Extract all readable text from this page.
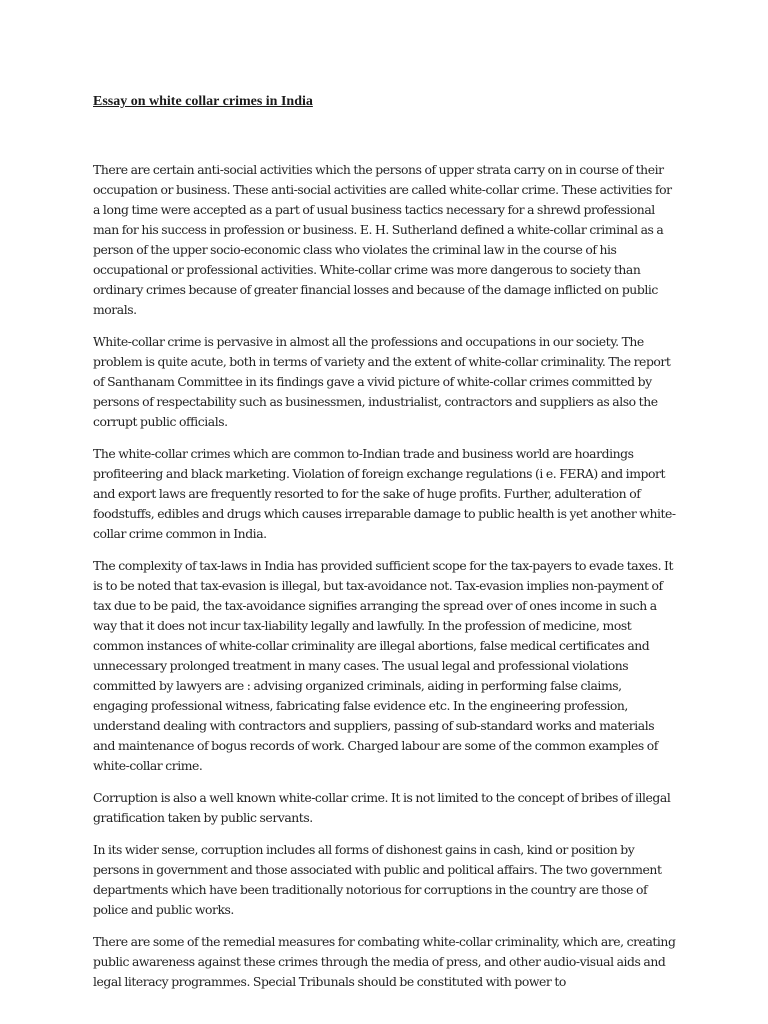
Essay on white collar crimes in India

There are certain anti-social activities which the persons of upper strata carry on in course of their occupation or business. These anti-social activities are called white-collar crime. These activities for a long time were accepted as a part of usual business tactics necessary for a shrewd professional man for his success in profession or business. E. H. Sutherland defined a white-collar criminal as a person of the upper socio-economic class who violates the criminal law in the course of his occupational or professional activities. White-collar crime was more dangerous to society than ordinary crimes because of greater financial losses and because of the damage inflicted on public morals.

White-collar crime is pervasive in almost all the professions and occupations in our society. The problem is quite acute, both in terms of variety and the extent of white-collar criminality. The report of Santhanam Committee in its findings gave a vivid picture of white-collar crimes committed by persons of respectability such as businessmen, industrialist, contractors and suppliers as also the corrupt public officials.

The white-collar crimes which are common to-Indian trade and business world are hoardings profiteering and black marketing. Violation of foreign exchange regulations (i e. FERA) and import and export laws are frequently resorted to for the sake of huge profits. Further, adulteration of foodstuffs, edibles and drugs which causes irreparable damage to public health is yet another white-collar crime common in India.

The complexity of tax-laws in India has provided sufficient scope for the tax-payers to evade taxes. It is to be noted that tax-evasion is illegal, but tax-avoidance not. Tax-evasion implies non-payment of tax due to be paid, the tax-avoidance signifies arranging the spread over of ones income in such a way that it does not incur tax-liability legally and lawfully. In the profession of medicine, most common instances of white-collar criminality are illegal abortions, false medical certificates and unnecessary prolonged treatment in many cases. The usual legal and professional violations committed by lawyers are : advising organized criminals, aiding in performing false claims, engaging professional witness, fabricating false evidence etc. In the engineering profession, understand dealing with contractors and suppliers, passing of sub-standard works and materials and maintenance of bogus records of work. Charged labour are some of the common examples of white-collar crime.

Corruption is also a well known white-collar crime. It is not limited to the concept of bribes of illegal gratification taken by public servants.

In its wider sense, corruption includes all forms of dishonest gains in cash, kind or position by persons in government and those associated with public and political affairs. The two government departments which have been traditionally notorious for corruptions in the country are those of police and public works.

There are some of the remedial measures for combating white-collar criminality, which are, creating public awareness against these crimes through the media of press, and other audio-visual aids and legal literacy programmes. Special Tribunals should be constituted with power to
